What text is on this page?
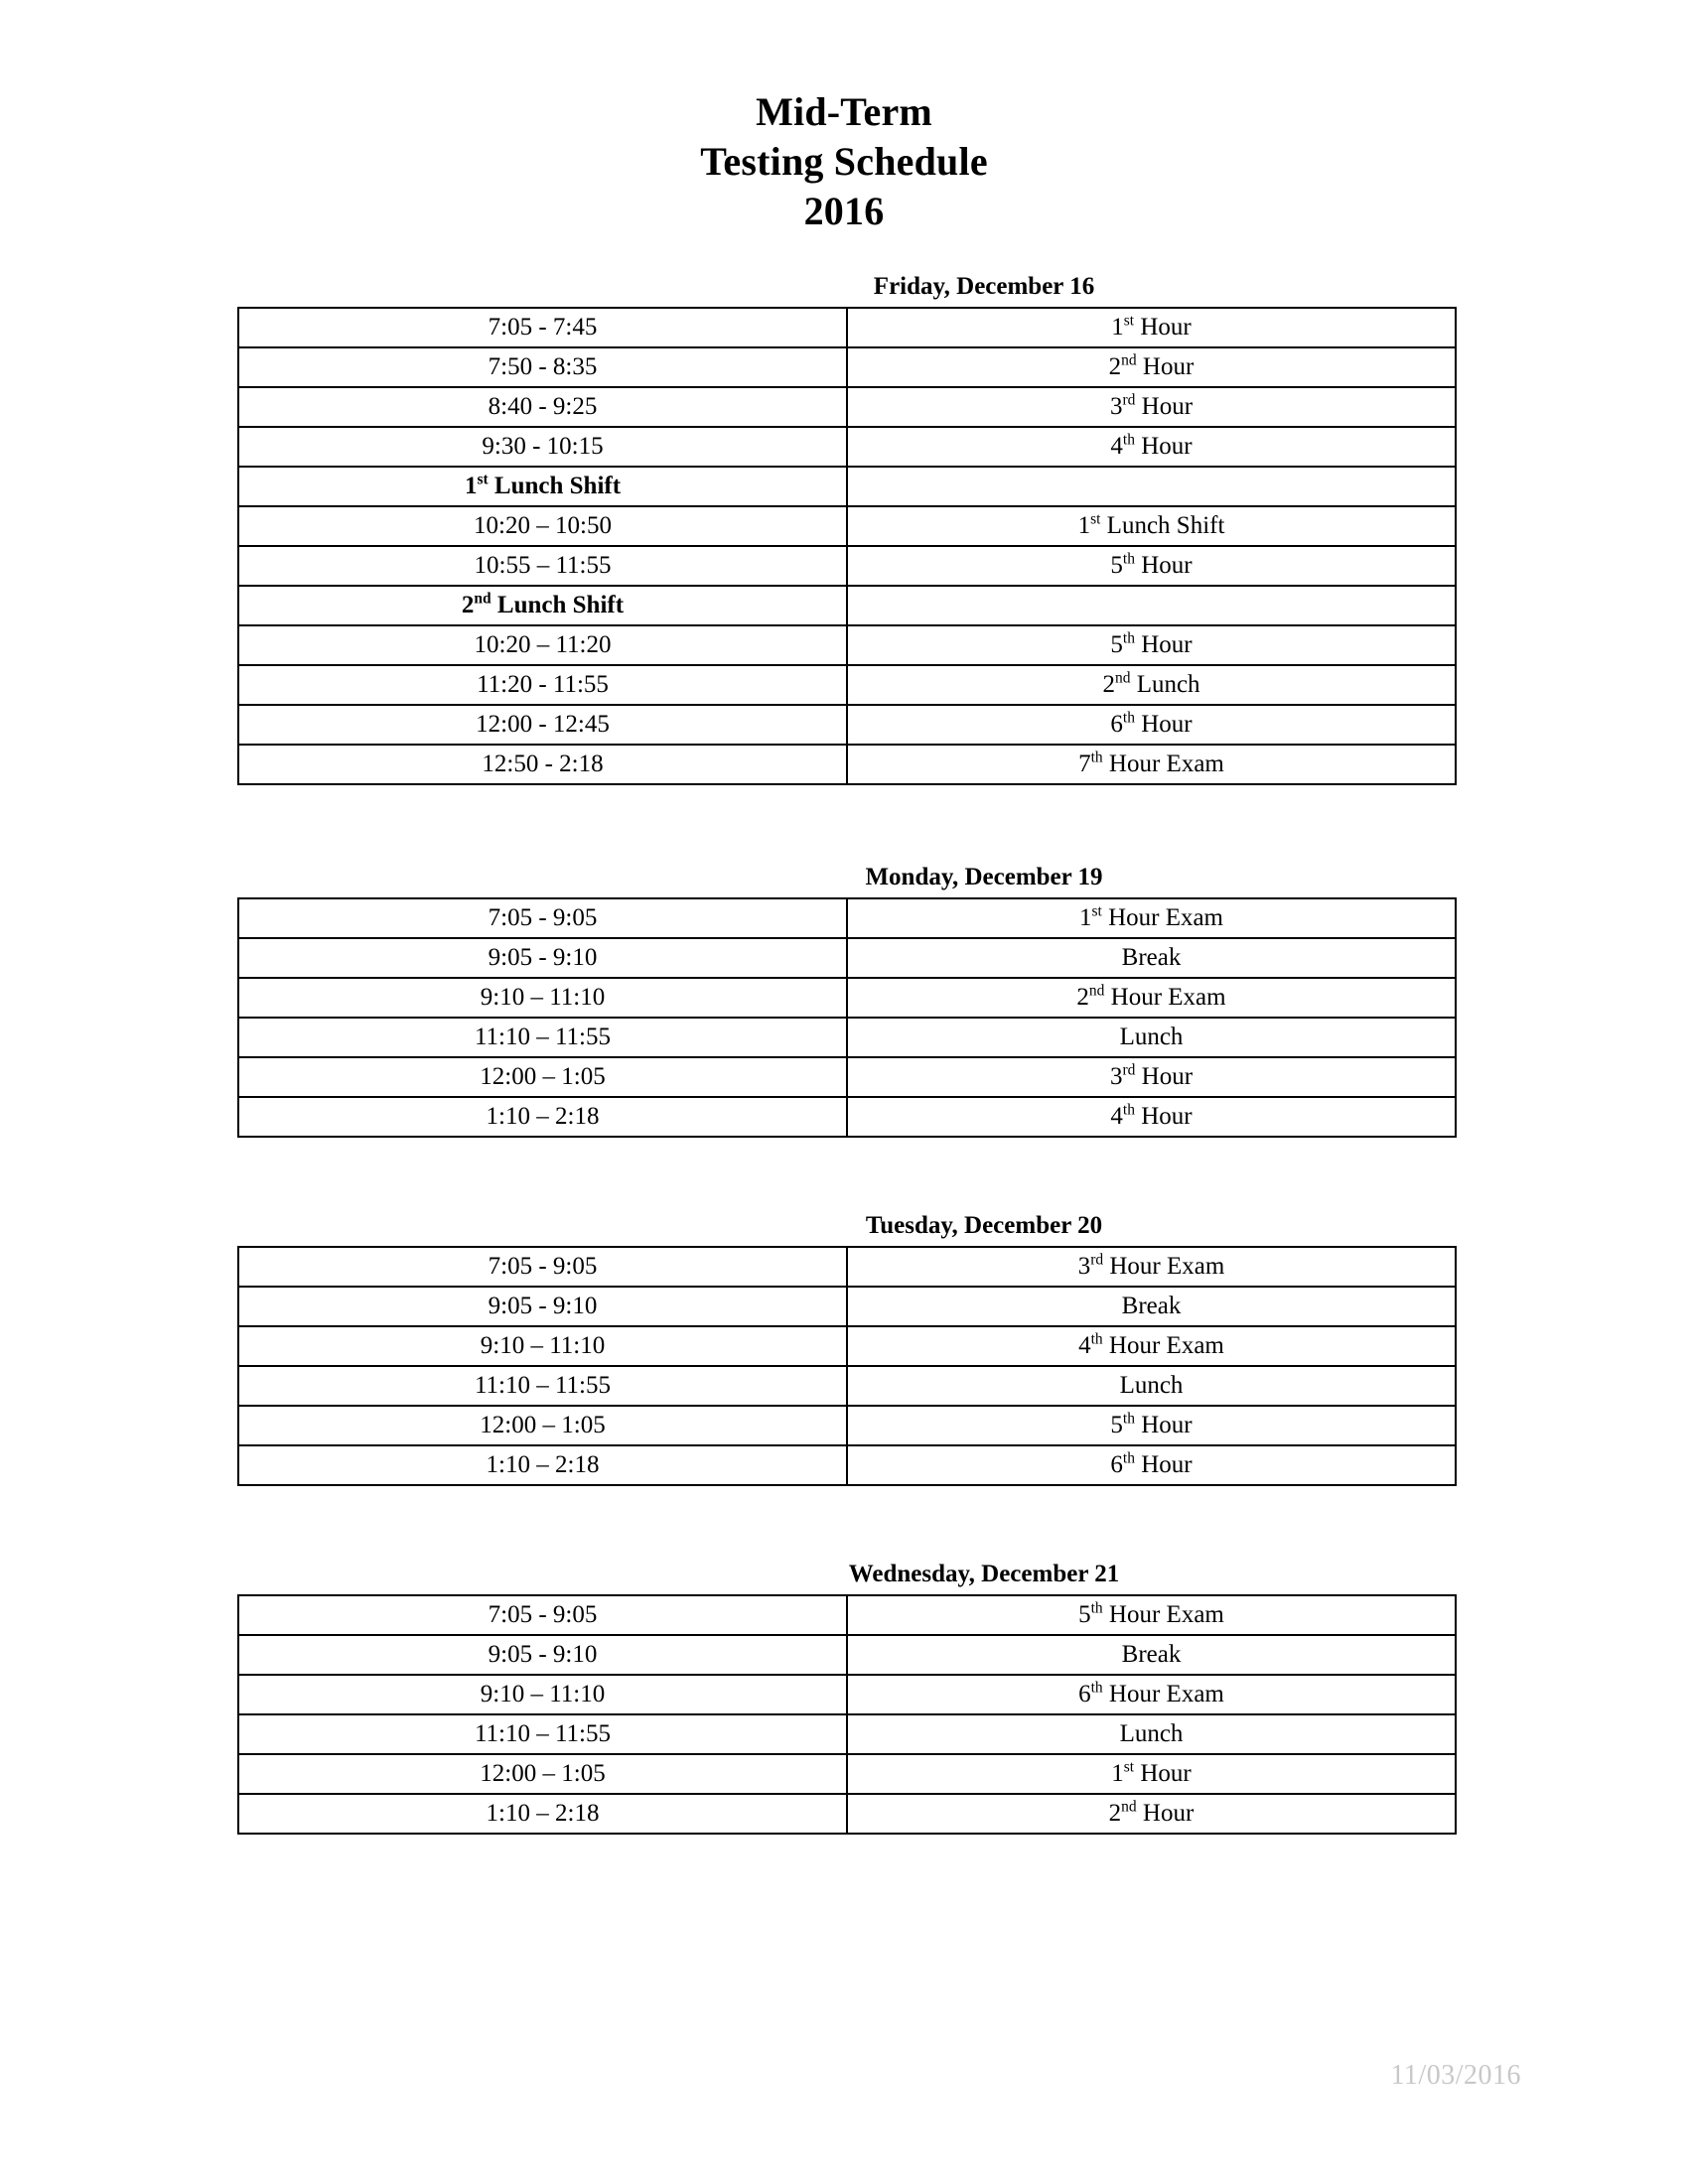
Mid-Term
Testing Schedule
2016
Friday, December 16
7:05 - 7:45	1st Hour
7:50 - 8:35	2nd Hour
8:40 - 9:25	3rd Hour
9:30 - 10:15	4th Hour
1st Lunch Shift	
10:20 – 10:50	1st Lunch Shift
10:55 – 11:55	5th Hour
2nd Lunch Shift	
10:20 – 11:20	5th Hour
11:20 - 11:55	2nd Lunch
12:00 - 12:45	6th Hour
12:50 - 2:18	7th Hour Exam
Monday, December 19
7:05 - 9:05	1st Hour Exam
9:05 - 9:10	Break
9:10 – 11:10	2nd Hour Exam
11:10 – 11:55	Lunch
12:00 – 1:05	3rd Hour
1:10 – 2:18	4th Hour
Tuesday, December 20
7:05 - 9:05	3rd Hour Exam
9:05 - 9:10	Break
9:10 – 11:10	4th Hour Exam
11:10 – 11:55	Lunch
12:00 – 1:05	5th Hour
1:10 – 2:18	6th Hour
Wednesday, December 21
7:05 - 9:05	5th Hour Exam
9:05 - 9:10	Break
9:10 – 11:10	6th Hour Exam
11:10 – 11:55	Lunch
12:00 – 1:05	1st Hour
1:10 – 2:18	2nd Hour
11/03/2016
